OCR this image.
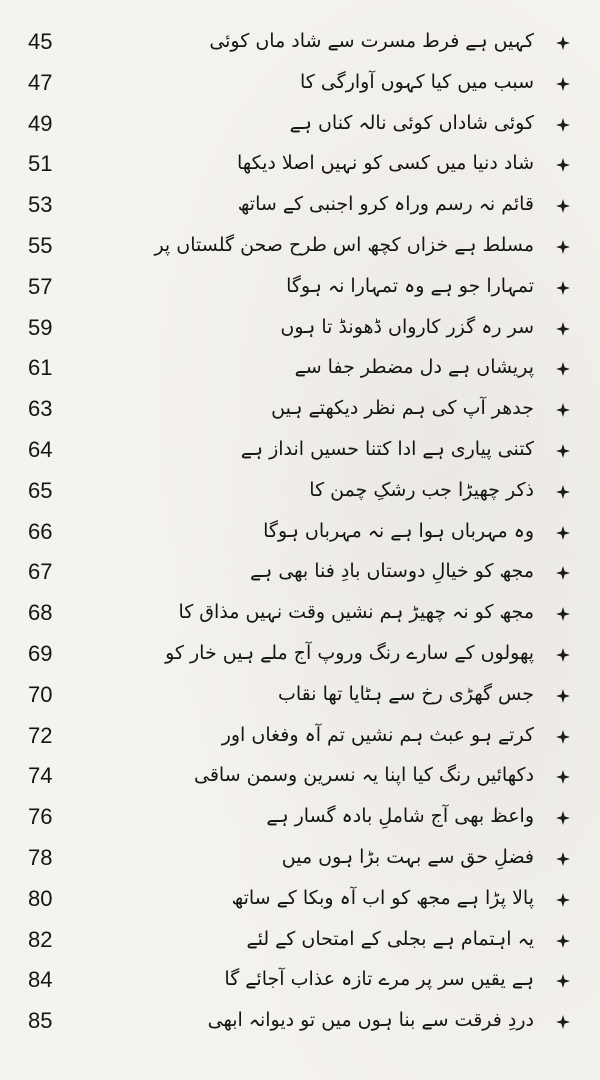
45	کہیں ہے فرط مسرت سے شاد ماں کوئی
47	سبب میں کیا کہوں آوارگی کا
49	کوئی شاداں کوئی نالہ کناں ہے
51	شاد دنیا میں کسی کو نہیں اصلا دیکھا
53	قائم نہ رسم وراہ کرو اجنبی کے ساتھ
55	مسلط ہے خزاں کچھ اس طرح صحن گلستاں پر
57	تمہارا جو ہے وہ تمہارا نہ ہوگا
59	سر رہ گزر کارواں ڈھونڈ تا ہوں
61	پریشاں ہے دل مضطر جفا سے
63	جدھر آپ کی ہم نظر دیکھتے ہیں
64	کتنی پیاری ہے ادا کتنا حسیں انداز ہے
65	ذکر چھیڑا جب رشکِ چمن کا
66	وہ مہرباں ہوا ہے نہ مہرباں ہوگا
67	مجھ کو خیالِ دوستاں بادِ فنا بھی ہے
68	مجھ کو نہ چھیڑ ہم نشیں وقت نہیں مذاق کا
69	پھولوں کے سارے رنگ وروپ آج ملے ہیں خار کو
70	جس گھڑی رخ سے ہٹایا تھا نقاب
72	کرتے ہو عبث ہم نشیں تم آہ وفغاں اور
74	دکھائیں رنگ کیا اپنا یہ نسرین وسمن ساقی
76	واعظ بھی آج شاملِ بادہ گسار ہے
78	فضلِ حق سے بہت بڑا ہوں میں
80	پالا پڑا ہے مجھ کو اب آہ وبکا کے ساتھ
82	یہ اہتمام ہے بجلی کے امتحاں کے لئے
84	ہے یقیں سر پر مرے تازہ عذاب آجائے گا
85	دردِ فرقت سے بنا ہوں میں تو دیوانہ ابھی
